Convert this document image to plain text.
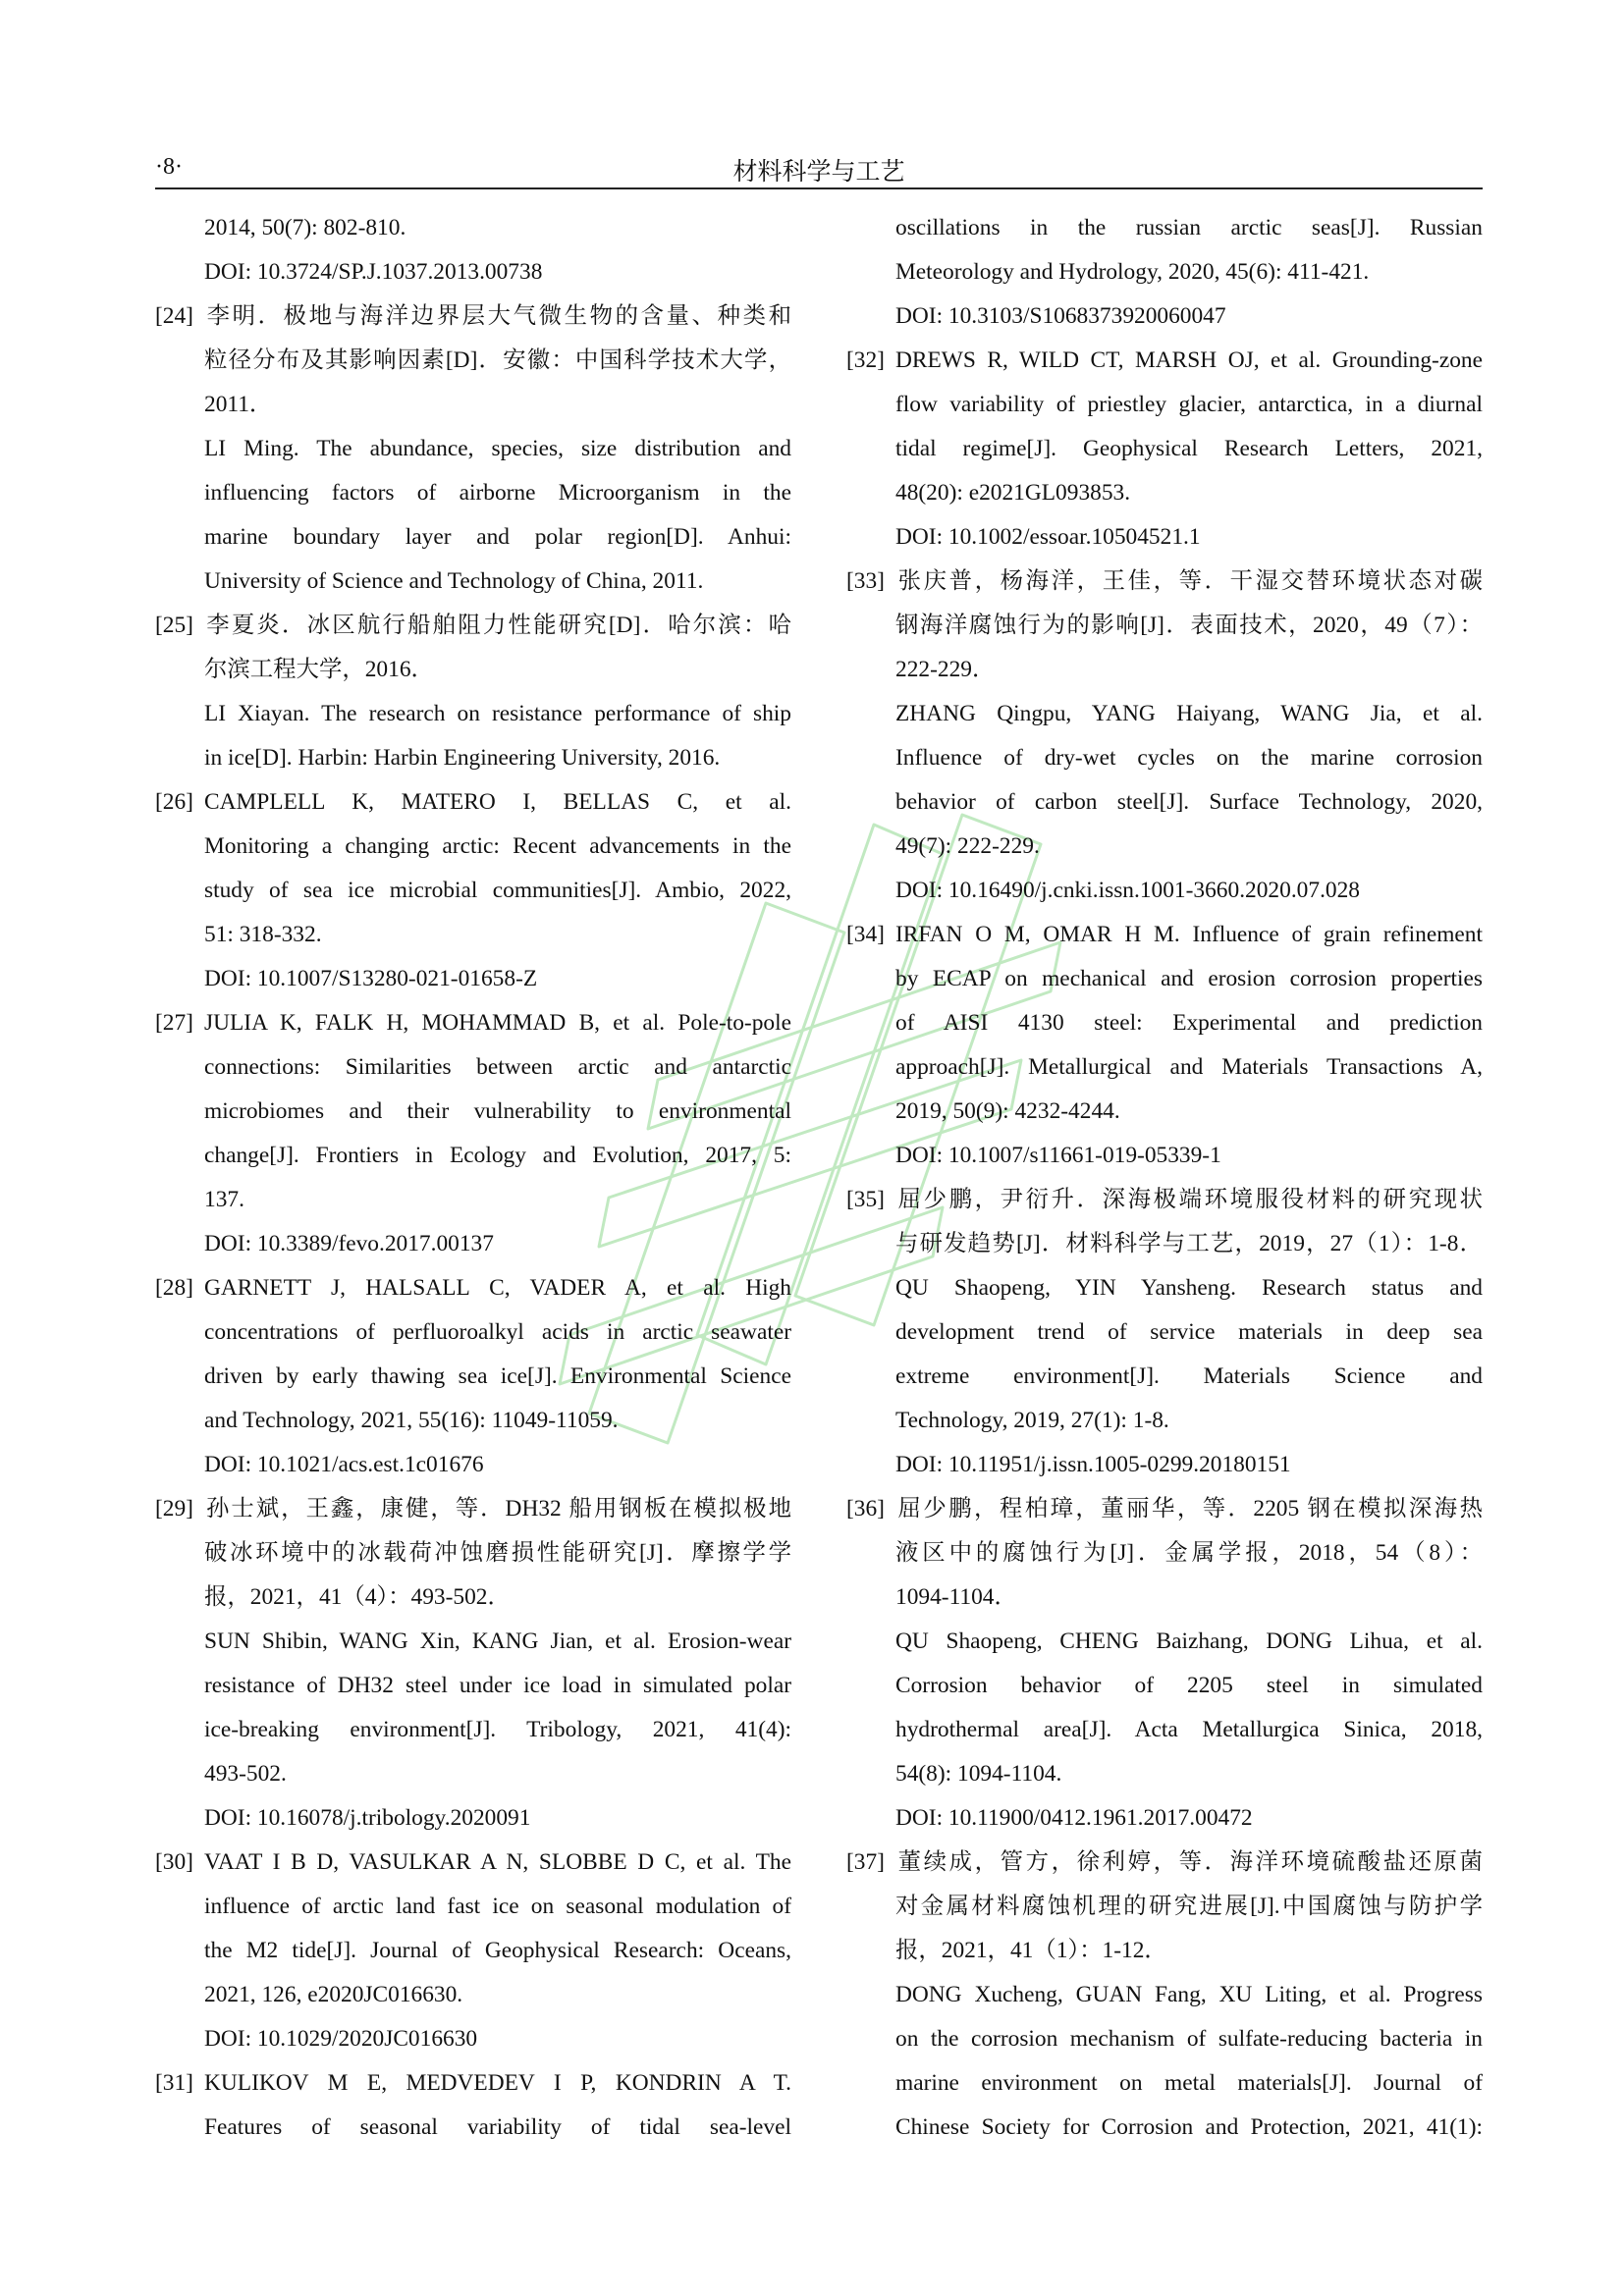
·8·	材料科学与工艺
2014, 50(7): 802-810.
DOI: 10.3724/SP.J.1037.2013.00738
[24] 李明．极地与海洋边界层大气微生物的含量、种类和
粒径分布及其影响因素[D]．安徽：中国科学技术大学，
2011．
LI Ming. The abundance, species, size distribution and
influencing factors of airborne Microorganism in the
marine boundary layer and polar region[D]. Anhui:
University of Science and Technology of China, 2011.
[25] 李夏炎．冰区航行船舶阻力性能研究[D]．哈尔滨：哈
尔滨工程大学，2016．
LI Xiayan. The research on resistance performance of ship
in ice[D]. Harbin: Harbin Engineering University, 2016.
[26] CAMPLELL K, MATERO I, BELLAS C, et al.
Monitoring a changing arctic: Recent advancements in the
study of sea ice microbial communities[J]. Ambio, 2022,
51: 318-332.
DOI: 10.1007/S13280-021-01658-Z
[27] JULIA K, FALK H, MOHAMMAD B, et al. Pole-to-pole
connections: Similarities between arctic and antarctic
microbiomes and their vulnerability to environmental
change[J]. Frontiers in Ecology and Evolution, 2017, 5:
137.
DOI: 10.3389/fevo.2017.00137
[28] GARNETT J, HALSALL C, VADER A, et al. High
concentrations of perfluoroalkyl acids in arctic seawater
driven by early thawing sea ice[J]. Environmental Science
and Technology, 2021, 55(16): 11049-11059.
DOI: 10.1021/acs.est.1c01676
[29] 孙士斌，王鑫，康健，等．DH32 船用钢板在模拟极地
破冰环境中的冰载荷冲蚀磨损性能研究[J]．摩擦学学
报，2021，41（4）：493-502．
SUN Shibin, WANG Xin, KANG Jian, et al. Erosion-wear
resistance of DH32 steel under ice load in simulated polar
ice-breaking environment[J]. Tribology, 2021, 41(4):
493-502.
DOI: 10.16078/j.tribology.2020091
[30] VAAT I B D, VASULKAR A N, SLOBBE D C, et al. The
influence of arctic land fast ice on seasonal modulation of
the M2 tide[J]. Journal of Geophysical Research: Oceans,
2021, 126, e2020JC016630.
DOI: 10.1029/2020JC016630
[31] KULIKOV M E, MEDVEDEV I P, KONDRIN A T.
Features of seasonal variability of tidal sea-level
oscillations in the russian arctic seas[J]. Russian
Meteorology and Hydrology, 2020, 45(6): 411-421.
DOI: 10.3103/S1068373920060047
[32] DREWS R, WILD CT, MARSH OJ, et al. Grounding-zone
flow variability of priestley glacier, antarctica, in a diurnal
tidal regime[J]. Geophysical Research Letters, 2021,
48(20): e2021GL093853.
DOI: 10.1002/essoar.10504521.1
[33] 张庆普，杨海洋，王佳，等．干湿交替环境状态对碳
钢海洋腐蚀行为的影响[J]．表面技术，2020，49（7）：
222-229．
ZHANG Qingpu, YANG Haiyang, WANG Jia, et al.
Influence of dry-wet cycles on the marine corrosion
behavior of carbon steel[J]. Surface Technology, 2020,
49(7): 222-229.
DOI: 10.16490/j.cnki.issn.1001-3660.2020.07.028
[34] IRFAN O M, OMAR H M. Influence of grain refinement
by ECAP on mechanical and erosion corrosion properties
of AISI 4130 steel: Experimental and prediction
approach[J]. Metallurgical and Materials Transactions A,
2019, 50(9): 4232-4244.
DOI: 10.1007/s11661-019-05339-1
[35] 屈少鹏，尹衍升．深海极端环境服役材料的研究现状
与研发趋势[J]．材料科学与工艺，2019，27（1）：1-8．
QU Shaopeng, YIN Yansheng. Research status and
development trend of service materials in deep sea
extreme environment[J]. Materials Science and
Technology, 2019, 27(1): 1-8.
DOI: 10.11951/j.issn.1005-0299.20180151
[36] 屈少鹏，程柏璋，董丽华，等．2205 钢在模拟深海热
液区中的腐蚀行为[J]．金属学报，2018，54（8）：
1094-1104．
QU Shaopeng, CHENG Baizhang, DONG Lihua, et al.
Corrosion behavior of 2205 steel in simulated
hydrothermal area[J]. Acta Metallurgica Sinica, 2018,
54(8): 1094-1104.
DOI: 10.11900/0412.1961.2017.00472
[37] 董续成，管方，徐利婷，等．海洋环境硫酸盐还原菌
对金属材料腐蚀机理的研究进展[J].中国腐蚀与防护学
报，2021，41（1）：1-12．
DONG Xucheng, GUAN Fang, XU Liting, et al. Progress
on the corrosion mechanism of sulfate-reducing bacteria in
marine environment on metal materials[J]. Journal of
Chinese Society for Corrosion and Protection, 2021, 41(1):
